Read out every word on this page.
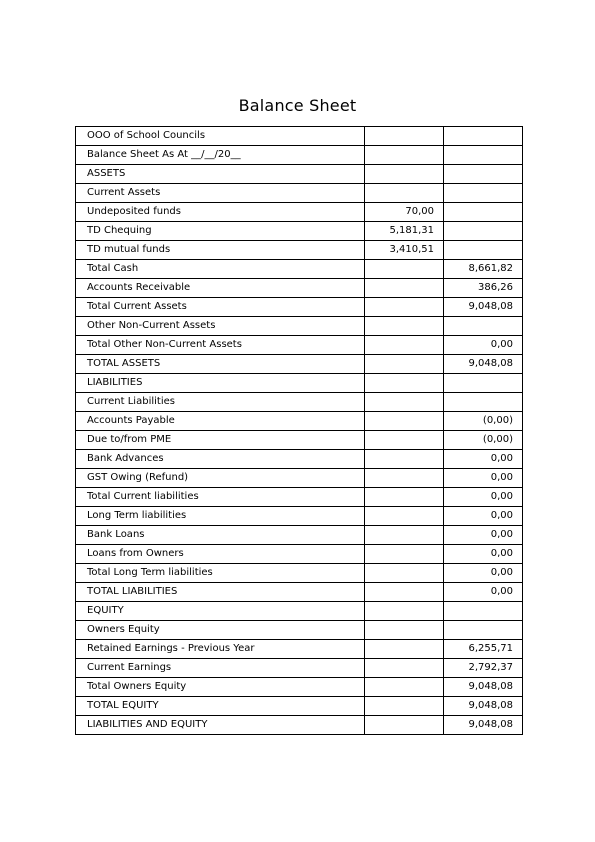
Balance Sheet
OOO of School Councils		
Balance Sheet As At __/__/20__		
ASSETS		
Current Assets		
Undeposited funds	70,00	
TD Chequing	5,181,31	
TD mutual funds	3,410,51	
Total Cash		8,661,82
Accounts Receivable		386,26
Total Current Assets		9,048,08
Other Non-Current Assets		
Total Other Non-Current Assets		0,00
TOTAL ASSETS		9,048,08
LIABILITIES		
Current Liabilities		
Accounts Payable		(0,00)
Due to/from PME		(0,00)
Bank Advances		0,00
GST Owing (Refund)		0,00
Total Current liabilities		0,00
Long Term liabilities		0,00
Bank Loans		0,00
Loans from Owners		0,00
Total Long Term liabilities		0,00
TOTAL LIABILITIES		0,00
EQUITY		
Owners Equity		
Retained Earnings - Previous Year		6,255,71
Current Earnings		2,792,37
Total Owners Equity		9,048,08
TOTAL EQUITY		9,048,08
LIABILITIES AND EQUITY		9,048,08
